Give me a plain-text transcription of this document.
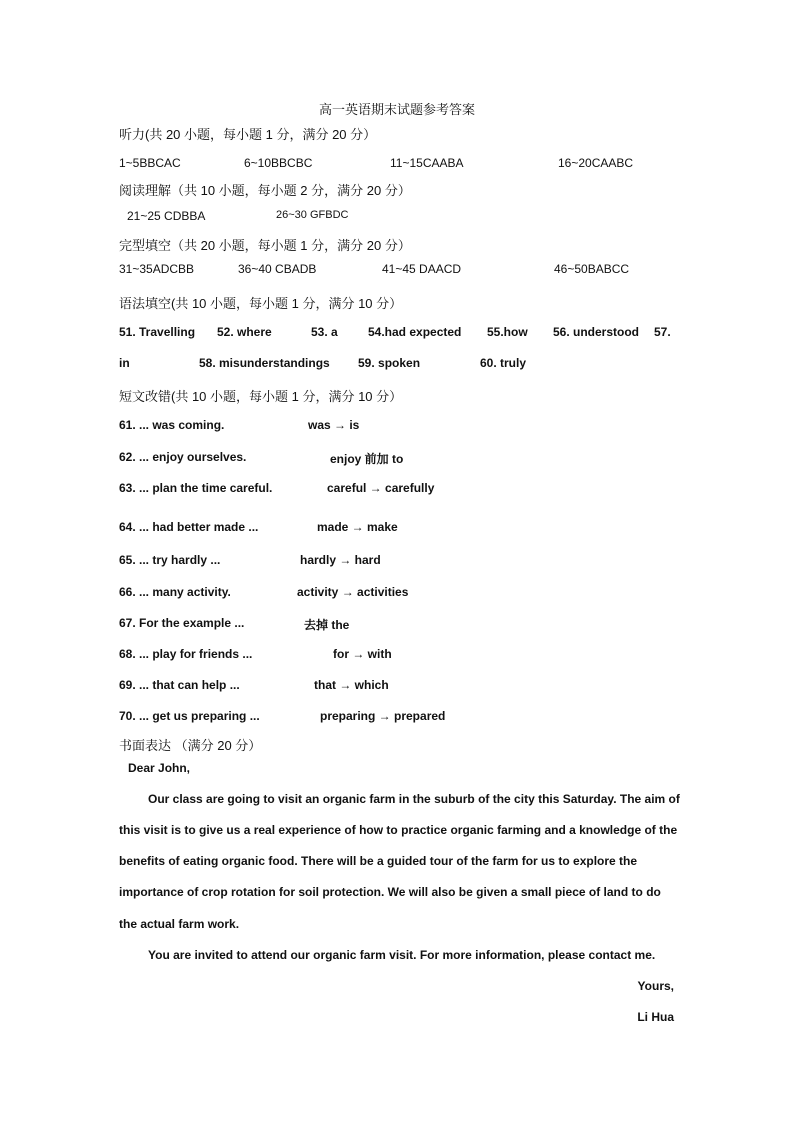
高一英语期末试题参考答案
听力(共 20 小题，每小题 1 分，满分 20 分）
1~5BBCAC	6~10BBCBC	11~15CAABA	16~20CAABC
阅读理解（共 10 小题，每小题 2 分，满分 20 分）
21~25 CDBBA	26~30 GFBDC
完型填空（共 20 小题，每小题 1 分，满分 20 分）
31~35ADCBB	36~40 CBADB	41~45 DAACD	46~50BABCC
语法填空(共 10 小题，每小题 1 分，满分 10 分）
51. Travelling 52. where	53. a	54.had expected 55.how 56. understood 57.
in	58. misunderstandings 59. spoken	60. truly
短文改错(共 10 小题，每小题 1 分，满分 10 分）
61. ... was coming.	was → is
62. ... enjoy ourselves.	enjoy 前加 to
63. ... plan the time careful.	careful → carefully
64. ... had better made ...	made → make
65. ... try hardly ...	hardly → hard
66. ... many activity.	activity → activities
67. For the example ...	去掉 the
68. ... play for friends ...	for → with
69. ... that can help ...	that → which
70. ... get us preparing ...	preparing → prepared
书面表达 （满分 20 分）
Dear John,
Our class are going to visit an organic farm in the suburb of the city this Saturday. The aim of
this visit is to give us a real experience of how to practice organic farming and a knowledge of the
benefits of eating organic food. There will be a guided tour of the farm for us to explore the
importance of crop rotation for soil protection. We will also be given a small piece of land to do
the actual farm work.
You are invited to attend our organic farm visit. For more information, please contact me.
Yours,
Li Hua
